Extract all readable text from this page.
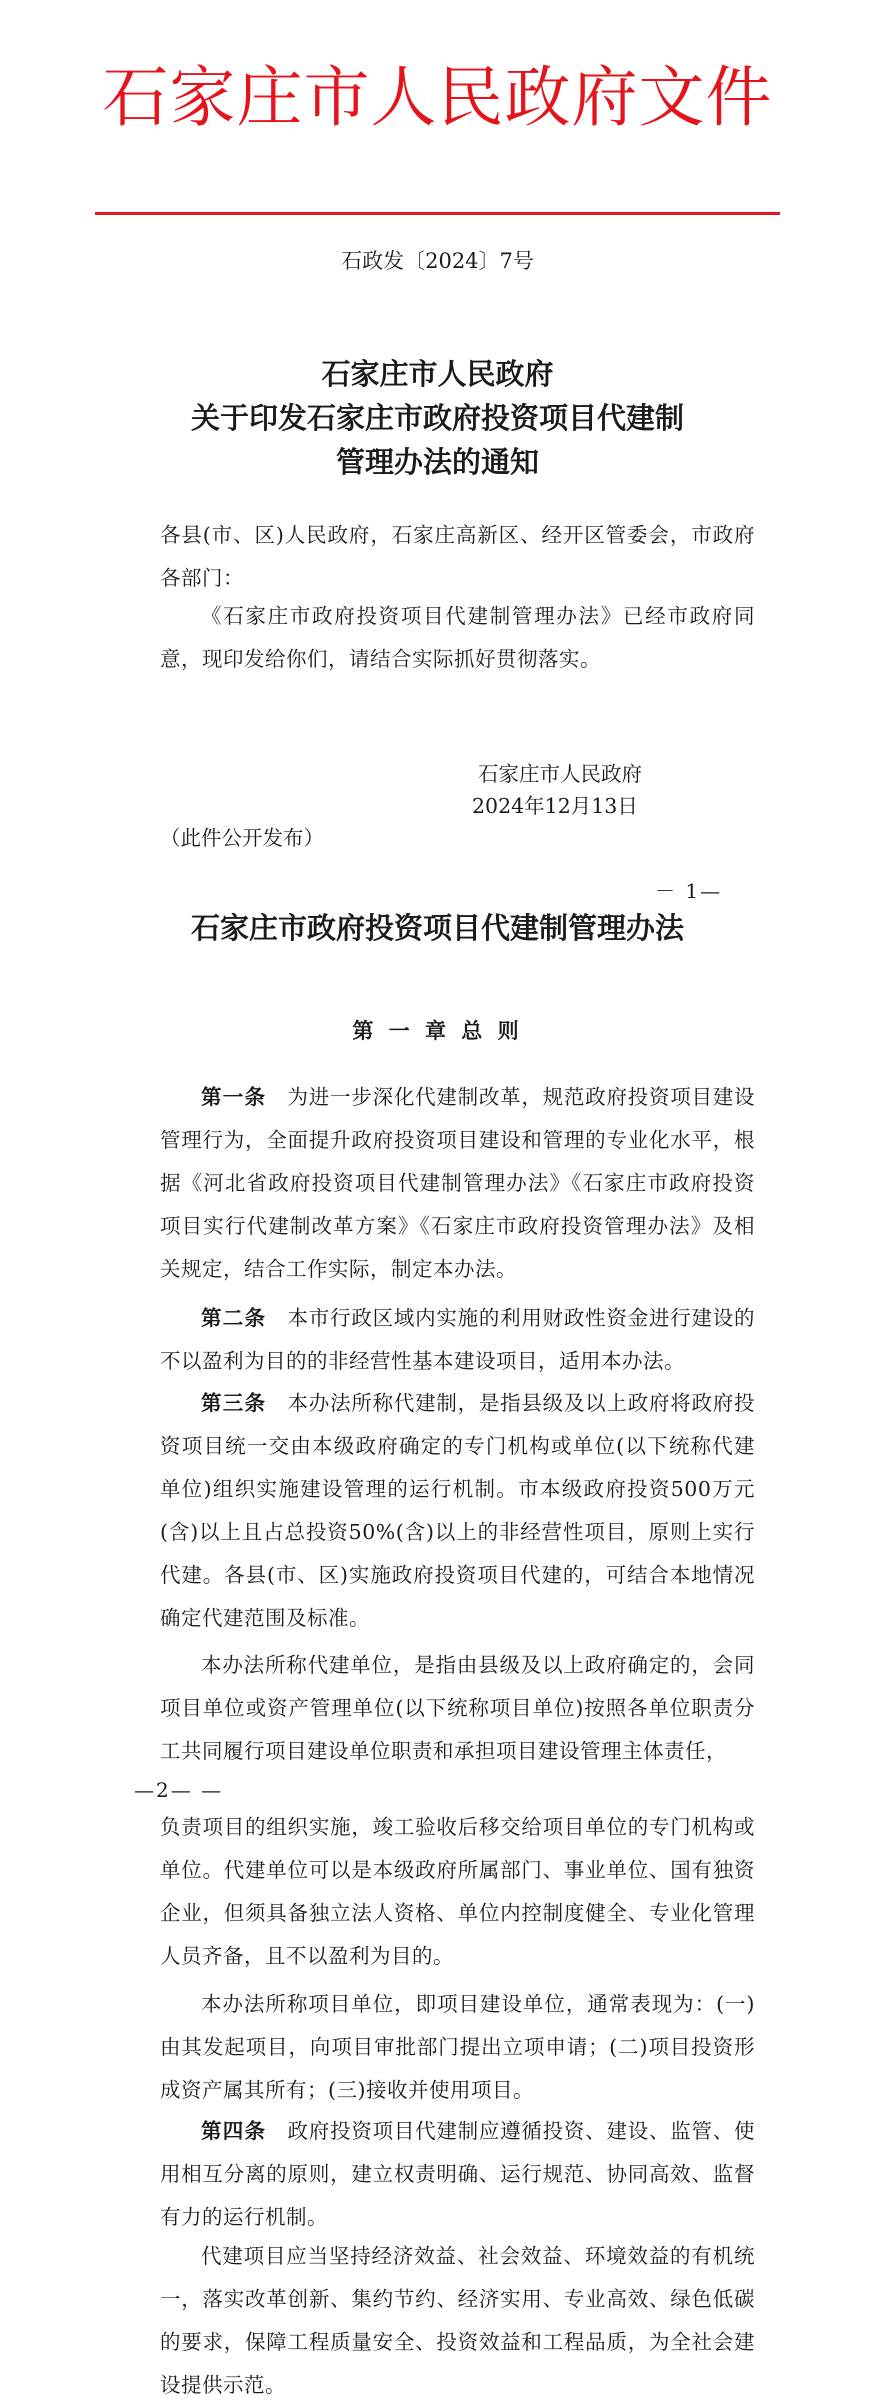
石家庄市人民政府文件
石政发〔2024〕7号
石家庄市人民政府
关于印发石家庄市政府投资项目代建制
管理办法的通知

各县(市、区)人民政府，石家庄高新区、经开区管委会，市政府各部门：

《石家庄市政府投资项目代建制管理办法》已经市政府同意，现印发给你们，请结合实际抓好贯彻落实。

石家庄市人民政府
2024年12月13日
（此件公开发布）
－ 1—
石家庄市政府投资项目代建制管理办法
第 一 章 总 则

第一条　 为进一步深化代建制改革，规范政府投资项目建设管理行为，全面提升政府投资项目建设和管理的专业化水平，根据《河北省政府投资项目代建制管理办法》《石家庄市政府投资项目实行代建制改革方案》《石家庄市政府投资管理办法》及相关规定，结合工作实际，制定本办法。

第二条　 本市行政区域内实施的利用财政性资金进行建设的不以盈利为目的的非经营性基本建设项目，适用本办法。

第三条　 本办法所称代建制，是指县级及以上政府将政府投资项目统一交由本级政府确定的专门机构或单位(以下统称代建单位)组织实施建设管理的运行机制。市本级政府投资500万元(含)以上且占总投资50%(含)以上的非经营性项目，原则上实行代建。各县(市、区)实施政府投资项目代建的，可结合本地情况确定代建范围及标准。

本办法所称代建单位，是指由县级及以上政府确定的，会同项目单位或资产管理单位(以下统称项目单位)按照各单位职责分工共同履行项目建设单位职责和承担项目建设管理主体责任，

—2— —

负责项目的组织实施，竣工验收后移交给项目单位的专门机构或单位。代建单位可以是本级政府所属部门、事业单位、国有独资企业，但须具备独立法人资格、单位内控制度健全、专业化管理人员齐备，且不以盈利为目的。

本办法所称项目单位，即项目建设单位，通常表现为：(一)由其发起项目，向项目审批部门提出立项申请；(二)项目投资形成资产属其所有；(三)接收并使用项目。

第四条　 政府投资项目代建制应遵循投资、建设、监管、使用相互分离的原则，建立权责明确、运行规范、协同高效、监督有力的运行机制。

代建项目应当坚持经济效益、社会效益、环境效益的有机统一，落实改革创新、集约节约、经济实用、专业高效、绿色低碳的要求，保障工程质量安全、投资效益和工程品质，为全社会建设提供示范。
